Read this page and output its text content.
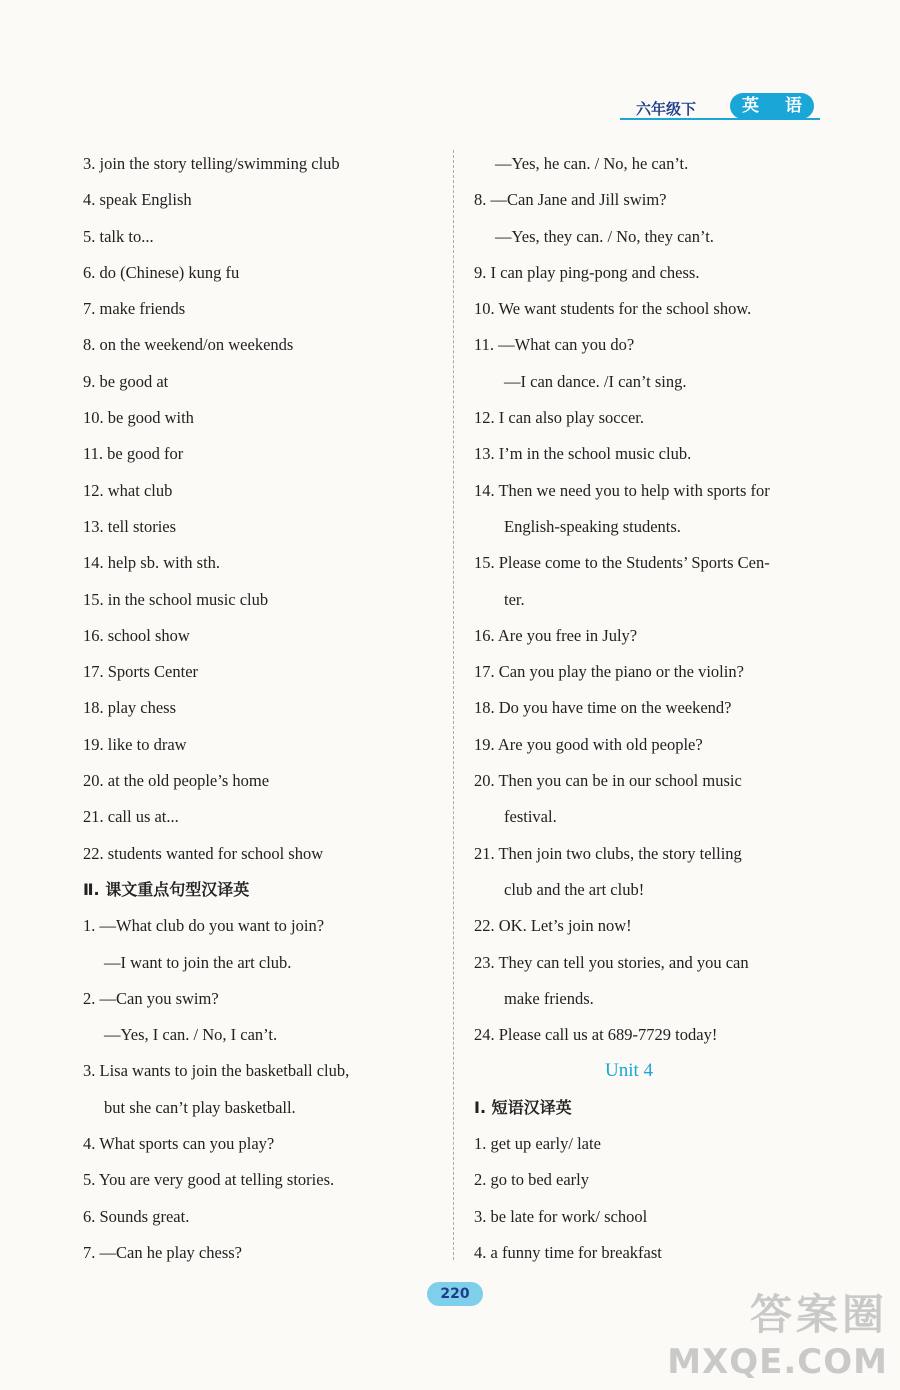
六年级下	英 语
3. join the story telling/swimming club
4. speak English
5. talk to...
6. do (Chinese) kung fu
7. make friends
8. on the weekend/on weekends
9. be good at
10. be good with
11. be good for
12. what club
13. tell stories
14. help sb. with sth.
15. in the school music club
16. school show
17. Sports Center
18. play chess
19. like to draw
20. at the old people’s home
21. call us at...
22. students wanted for school show
Ⅱ. 课文重点句型汉译英
1. —What club do you want to join?
—I want to join the art club.
2. —Can you swim?
—Yes, I can. / No, I can’t.
3. Lisa wants to join the basketball club,
but she can’t play basketball.
4. What sports can you play?
5. You are very good at telling stories.
6. Sounds great.
7. —Can he play chess?
—Yes, he can. / No, he can’t.
8. —Can Jane and Jill swim?
—Yes, they can. / No, they can’t.
9. I can play ping-pong and chess.
10. We want students for the school show.
11. —What can you do?
—I can dance. /I can’t sing.
12. I can also play soccer.
13. I’m in the school music club.
14. Then we need you to help with sports for
English-speaking students.
15. Please come to the Students’ Sports Cen-
ter.
16. Are you free in July?
17. Can you play the piano or the violin?
18. Do you have time on the weekend?
19. Are you good with old people?
20. Then you can be in our school music
festival.
21. Then join two clubs, the story telling
club and the art club!
22. OK. Let’s join now!
23. They can tell you stories, and you can
make friends.
24. Please call us at 689-7729 today!
Unit 4
Ⅰ. 短语汉译英
1. get up early/ late
2. go to bed early
3. be late for work/ school
4. a funny time for breakfast
220	答案圈
MXQE.COM
